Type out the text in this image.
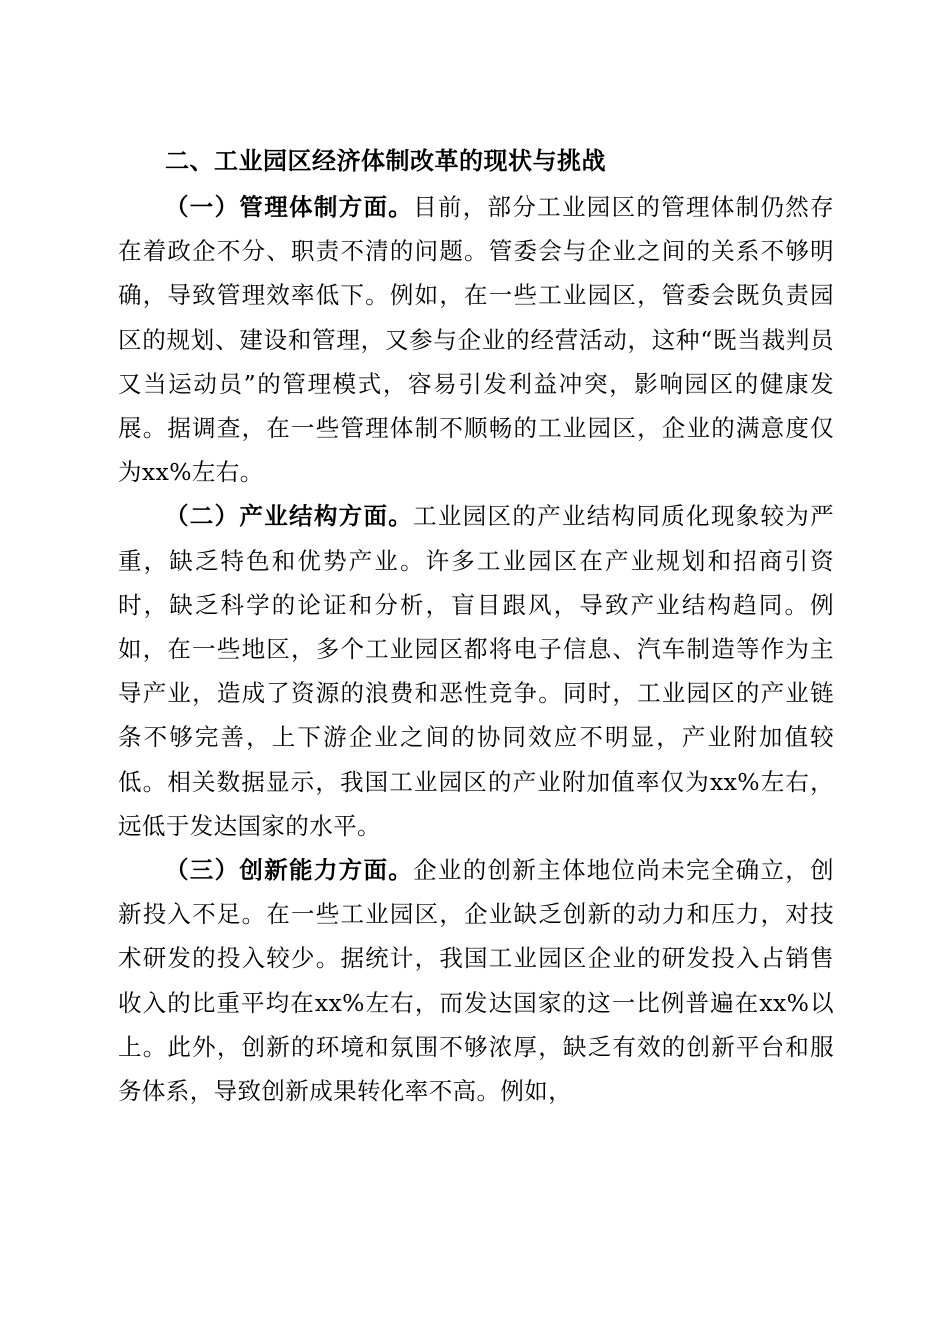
二、工业园区经济体制改革的现状与挑战

（一）管理体制方面。目前，部分工业园区的管理体制仍然存在着政企不分、职责不清的问题。管委会与企业之间的关系不够明确，导致管理效率低下。例如，在一些工业园区，管委会既负责园区的规划、建设和管理，又参与企业的经营活动，这种“既当裁判员又当运动员”的管理模式，容易引发利益冲突，影响园区的健康发展。据调查，在一些管理体制不顺畅的工业园区，企业的满意度仅为xx%左右。

（二）产业结构方面。工业园区的产业结构同质化现象较为严重，缺乏特色和优势产业。许多工业园区在产业规划和招商引资时，缺乏科学的论证和分析，盲目跟风，导致产业结构趋同。例如，在一些地区，多个工业园区都将电子信息、汽车制造等作为主导产业，造成了资源的浪费和恶性竞争。同时，工业园区的产业链条不够完善，上下游企业之间的协同效应不明显，产业附加值较低。相关数据显示，我国工业园区的产业附加值率仅为xx%左右，远低于发达国家的水平。

（三）创新能力方面。企业的创新主体地位尚未完全确立，创新投入不足。在一些工业园区，企业缺乏创新的动力和压力，对技术研发的投入较少。据统计，我国工业园区企业的研发投入占销售收入的比重平均在xx%左右，而发达国家的这一比例普遍在xx%以上。此外，创新的环境和氛围不够浓厚，缺乏有效的创新平台和服务体系，导致创新成果转化率不高。例如，
